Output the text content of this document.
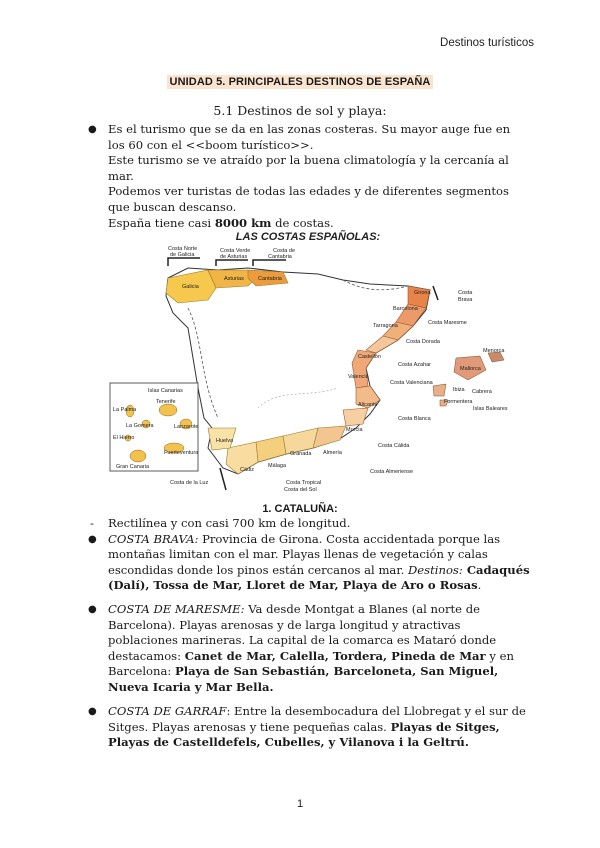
Destinos turísticos
UNIDAD 5. PRINCIPALES DESTINOS DE ESPAÑA
5.1 Destinos de sol y playa:
● Es el turismo que se da en las zonas costeras. Su mayor auge fue en los 60 con el <<boom turístico>>.
Este turismo se ve atraído por la buena climatología y la cercanía al mar.
Podemos ver turistas de todas las edades y de diferentes segmentos que buscan descanso.
España tiene casi 8000 km de costas.
LAS COSTAS ESPAÑOLAS:
Costa Norte
de Galicia
Costa Verde
de Asturias
Costa de
Cantabria
Galicia
Asturias	Cantabria
Girona	Costa
Brava
Barcelona
Costa Maresme
Tarragona
Costa Dorada
Castellón
Costa Azahar
Valencia
Costa Valenciana
Menorca
Mallorca
Ibiza Cabrera
Formentera
Islas Baleares
Alicante
Costa Blanca
Murcia
Costa Cálida
Almería
Costa Almeriense
Granada
Málaga
Cádiz
Huelva
Costa de la Luz	Costa Tropical
Costa del Sol
Islas Canarias
Tenerife
La Palma
La Gomera	Lanzarote
El Hierro
Fuerteventura
Gran Canaria
1. CATALUÑA:
- Rectilínea y con casi 700 km de longitud.
● COSTA BRAVA: Provincia de Girona. Costa accidentada porque las montañas limitan con el mar. Playas llenas de vegetación y calas escondidas donde los pinos están cercanos al mar. Destinos: Cadaqués (Dalí), Tossa de Mar, Lloret de Mar, Playa de Aro o Rosas.
● COSTA DE MARESME: Va desde Montgat a Blanes (al norte de Barcelona). Playas arenosas y de larga longitud y atractivas poblaciones marineras. La capital de la comarca es Mataró donde destacamos: Canet de Mar, Calella, Tordera, Pineda de Mar y en Barcelona: Playa de San Sebastián, Barceloneta, San Miguel, Nueva Icaria y Mar Bella.
● COSTA DE GARRAF: Entre la desembocadura del Llobregat y el sur de Sitges. Playas arenosas y tiene pequeñas calas. Playas de Sitges, Playas de Castelldefels, Cubelles, y Vilanova i la Geltrú.
1
